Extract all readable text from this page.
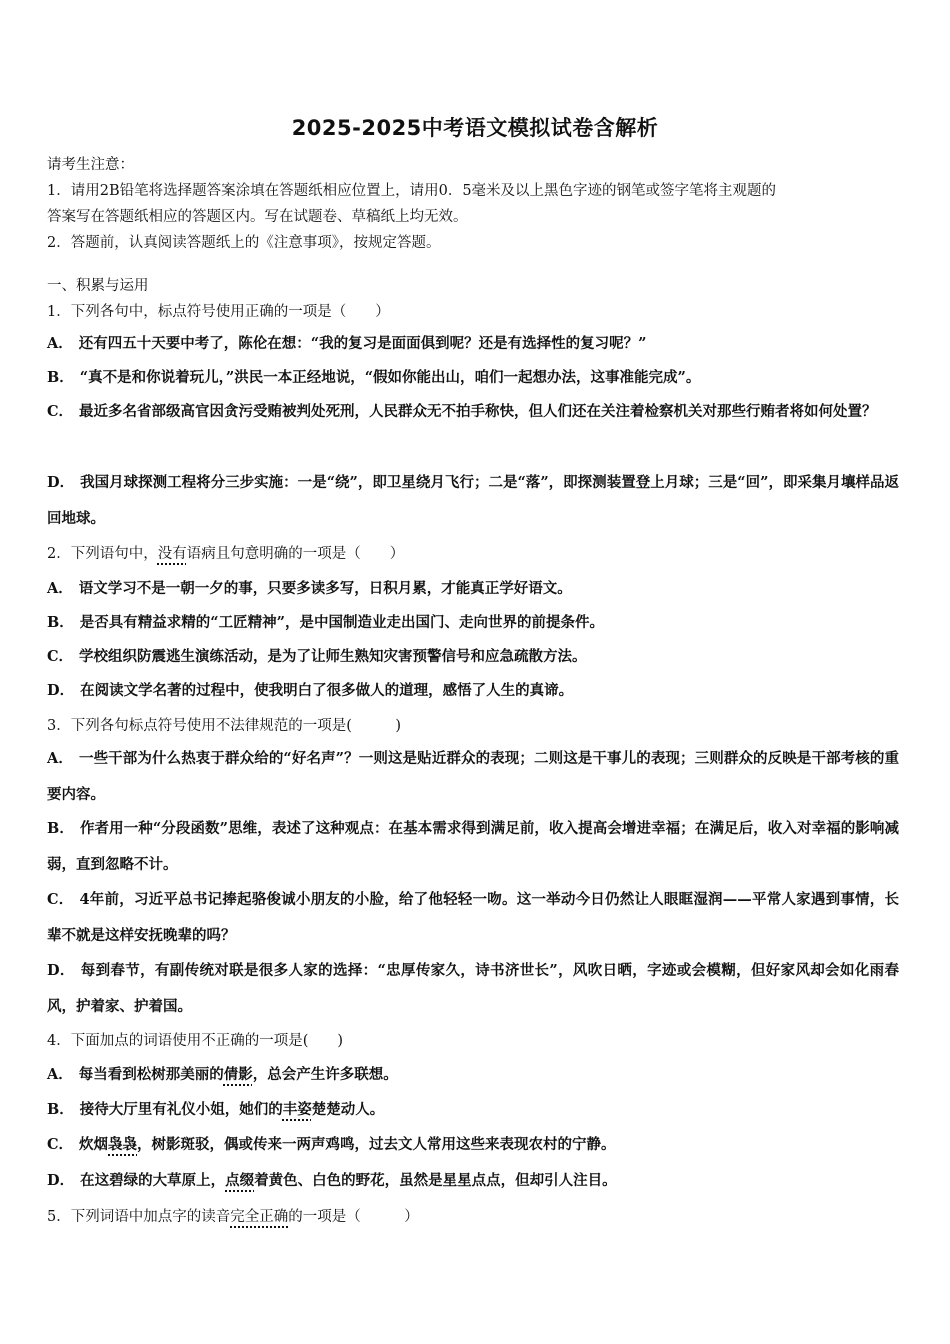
2025-2025中考语文模拟试卷含解析

请考生注意：

1．请用2B铅笔将选择题答案涂填在答题纸相应位置上，请用0．5毫米及以上黑色字迹的钢笔或签字笔将主观题的

答案写在答题纸相应的答题区内。写在试题卷、草稿纸上均无效。

2．答题前，认真阅读答题纸上的《注意事项》，按规定答题。

一、积累与运用
1．下列各句中，标点符号使用正确的一项是（　　）
A． 还有四五十天要中考了，陈伦在想：“我的复习是面面俱到呢？还是有选择性的复习呢？”
B． “真不是和你说着玩儿，”洪民一本正经地说，“假如你能出山，咱们一起想办法，这事准能完成”。
C． 最近多名省部级高官因贪污受贿被判处死刑，人民群众无不拍手称快，但人们还在关注着检察机关对那些行贿者将如何处置？
D． 我国月球探测工程将分三步实施：一是“绕”，即卫星绕月飞行；二是“落”，即探测装置登上月球；三是“回”，即采集月壤样品返回地球。
2．下列语句中，没有语病且句意明确的一项是（　　）
A． 语文学习不是一朝一夕的事，只要多读多写，日积月累，才能真正学好语文。
B． 是否具有精益求精的“工匠精神”，是中国制造业走出国门、走向世界的前提条件。
C． 学校组织防震逃生演练活动，是为了让师生熟知灾害预警信号和应急疏散方法。
D． 在阅读文学名著的过程中，使我明白了很多做人的道理，感悟了人生的真谛。
3．下列各句标点符号使用不法律规范的一项是(　　　)
A． 一些干部为什么热衷于群众给的“好名声”？一则这是贴近群众的表现；二则这是干事儿的表现；三则群众的反映是干部考核的重要内容。
B． 作者用一种“分段函数”思维，表述了这种观点：在基本需求得到满足前，收入提高会增进幸福；在满足后，收入对幸福的影响减弱，直到忽略不计。
C． 4年前，习近平总书记捧起骆俊诚小朋友的小脸，给了他轻轻一吻。这一举动今日仍然让人眼眶湿润——平常人家遇到事情，长辈不就是这样安抚晚辈的吗？
D． 每到春节，有副传统对联是很多人家的选择：“忠厚传家久，诗书济世长”，风吹日晒，字迹或会模糊，但好家风却会如化雨春风，护着家、护着国。
4．下面加点的词语使用不正确的一项是(　　)
A． 每当看到松树那美丽的倩影，总会产生许多联想。
B． 接待大厅里有礼仪小姐，她们的丰姿楚楚动人。
C． 炊烟袅袅，树影斑驳，偶或传来一两声鸡鸣，过去文人常用这些来表现农村的宁静。
D． 在这碧绿的大草原上，点缀着黄色、白色的野花，虽然是星星点点，但却引人注目。
5．下列词语中加点字的读音完全正确的一项是（　　　）
